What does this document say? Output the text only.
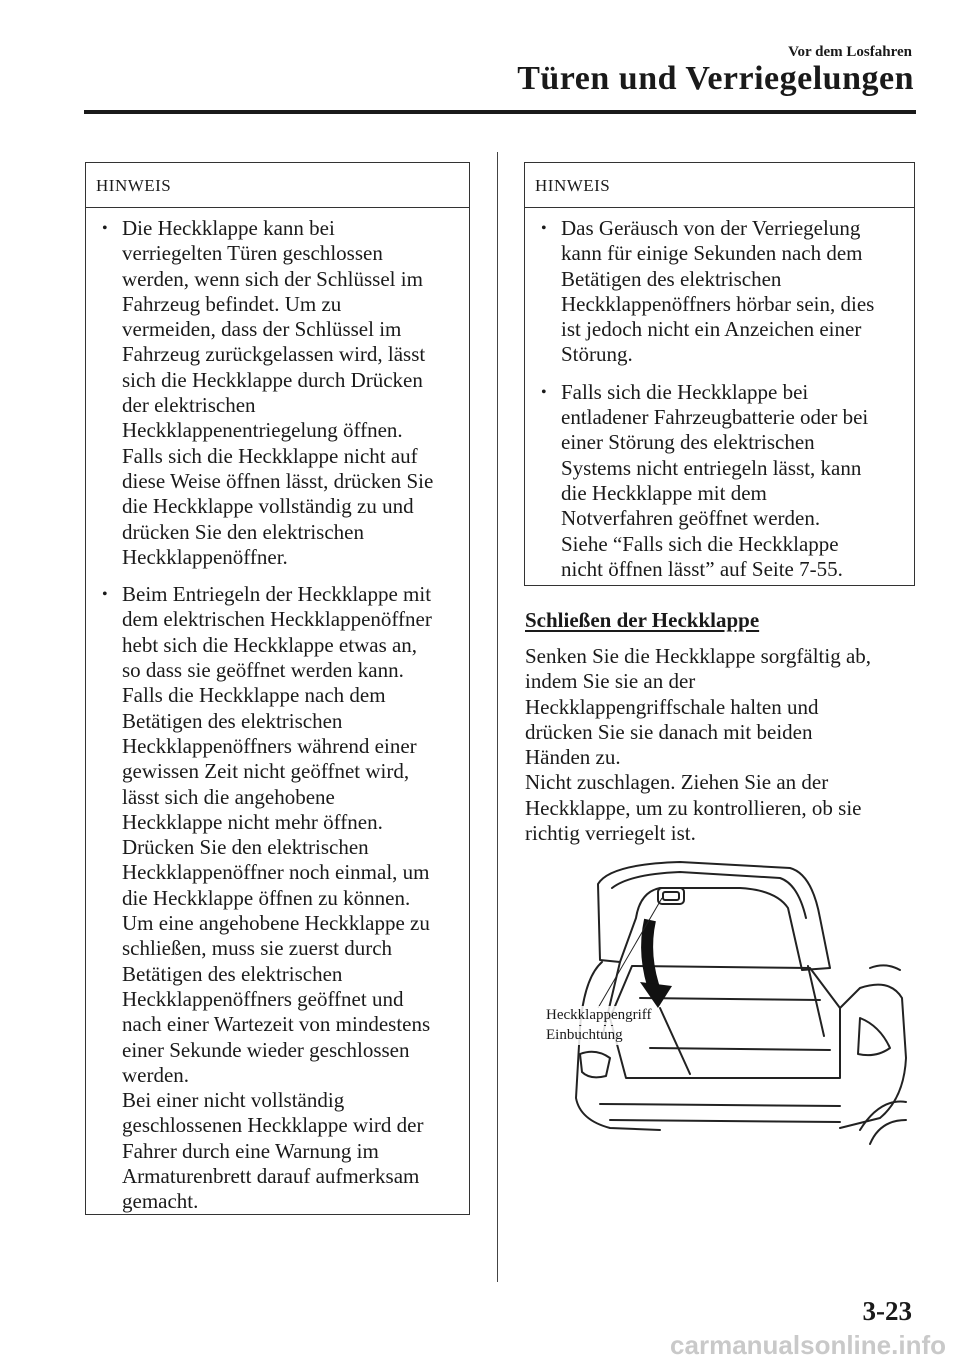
Vor dem Losfahren
Türen und Verriegelungen
HINWEIS
• Die Heckklappe kann bei
verriegelten Türen geschlossen
werden, wenn sich der Schlüssel im
Fahrzeug befindet. Um zu
vermeiden, dass der Schlüssel im
Fahrzeug zurückgelassen wird, lässt
sich die Heckklappe durch Drücken
der elektrischen
Heckklappenentriegelung öffnen.
Falls sich die Heckklappe nicht auf
diese Weise öffnen lässt, drücken Sie
die Heckklappe vollständig zu und
drücken Sie den elektrischen
Heckklappenöffner.
• Beim Entriegeln der Heckklappe mit
dem elektrischen Heckklappenöffner
hebt sich die Heckklappe etwas an,
so dass sie geöffnet werden kann.
Falls die Heckklappe nach dem
Betätigen des elektrischen
Heckklappenöffners während einer
gewissen Zeit nicht geöffnet wird,
lässt sich die angehobene
Heckklappe nicht mehr öffnen.
Drücken Sie den elektrischen
Heckklappenöffner noch einmal, um
die Heckklappe öffnen zu können.
Um eine angehobene Heckklappe zu
schließen, muss sie zuerst durch
Betätigen des elektrischen
Heckklappenöffners geöffnet und
nach einer Wartezeit von mindestens
einer Sekunde wieder geschlossen
werden.
Bei einer nicht vollständig
geschlossenen Heckklappe wird der
Fahrer durch eine Warnung im
Armaturenbrett darauf aufmerksam
gemacht.
HINWEIS
• Das Geräusch von der Verriegelung
kann für einige Sekunden nach dem
Betätigen des elektrischen
Heckklappenöffners hörbar sein, dies
ist jedoch nicht ein Anzeichen einer
Störung.
• Falls sich die Heckklappe bei
entladener Fahrzeugbatterie oder bei
einer Störung des elektrischen
Systems nicht entriegeln lässt, kann
die Heckklappe mit dem
Notverfahren geöffnet werden.
Siehe “Falls sich die Heckklappe
nicht öffnen lässt” auf Seite 7-55.
Schließen der Heckklappe
Senken Sie die Heckklappe sorgfältig ab,
indem Sie sie an der
Heckklappengriffschale halten und
drücken Sie sie danach mit beiden
Händen zu.
Nicht zuschlagen. Ziehen Sie an der
Heckklappe, um zu kontrollieren, ob sie
richtig verriegelt ist.
Heckklappengriff
Einbuchtung
3-23
carmanualsonline.info
